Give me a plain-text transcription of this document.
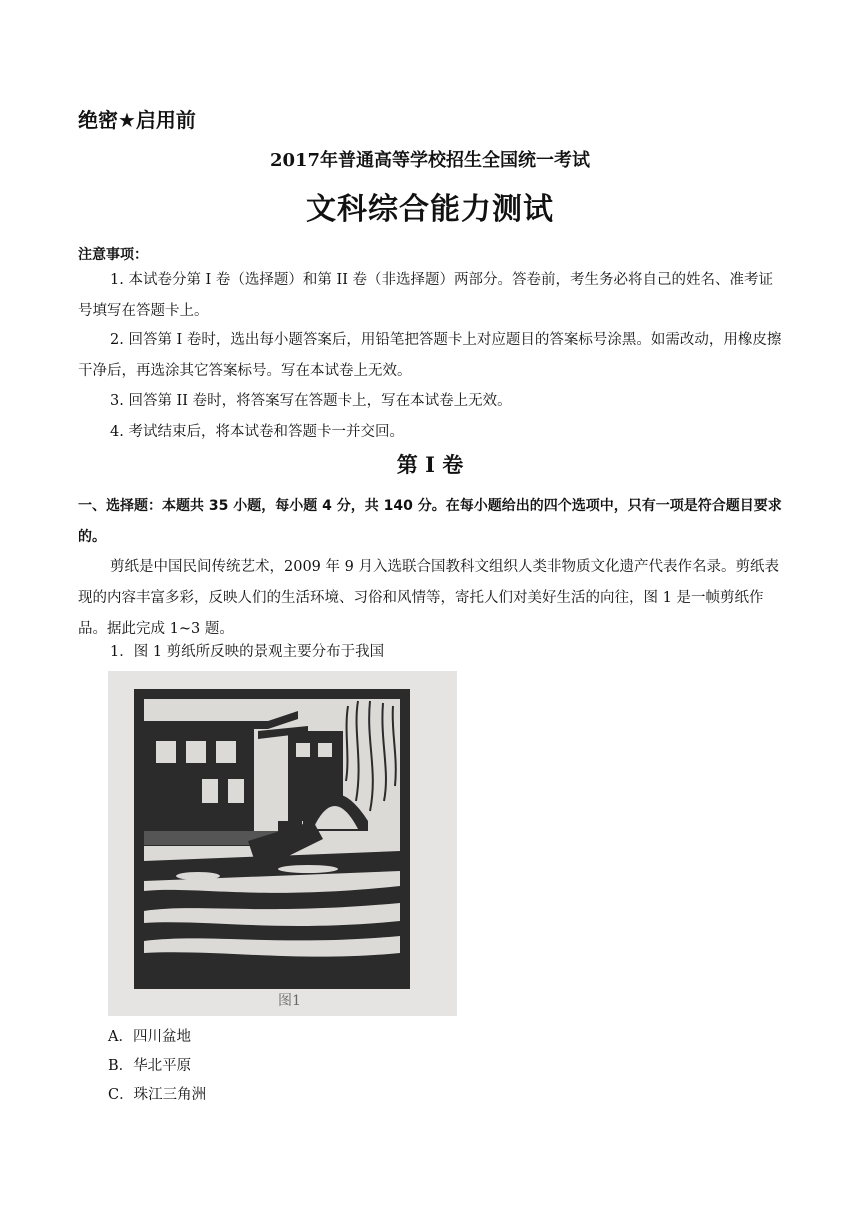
绝密★启用前
2017年普通高等学校招生全国统一考试
文科综合能力测试
注意事项：
1. 本试卷分第 I 卷（选择题）和第 II 卷（非选择题）两部分。答卷前，考生务必将自己的姓名、准考证号填写在答题卡上。
2. 回答第 I 卷时，选出每小题答案后，用铅笔把答题卡上对应题目的答案标号涂黑。如需改动，用橡皮擦干净后，再选涂其它答案标号。写在本试卷上无效。
3. 回答第 II 卷时，将答案写在答题卡上，写在本试卷上无效。
4. 考试结束后，将本试卷和答题卡一并交回。
第 I 卷
一、选择题：本题共 35 小题，每小题 4 分，共 140 分。在每小题给出的四个选项中，只有一项是符合题目要求的。
剪纸是中国民间传统艺术，2009 年 9 月入选联合国教科文组织人类非物质文化遗产代表作名录。剪纸表现的内容丰富多彩，反映人们的生活环境、习俗和风情等，寄托人们对美好生活的向往，图 1 是一帧剪纸作品。据此完成 1~3 题。
1．图 1 剪纸所反映的景观主要分布于我国
图1
A．四川盆地
B．华北平原
C．珠江三角洲
